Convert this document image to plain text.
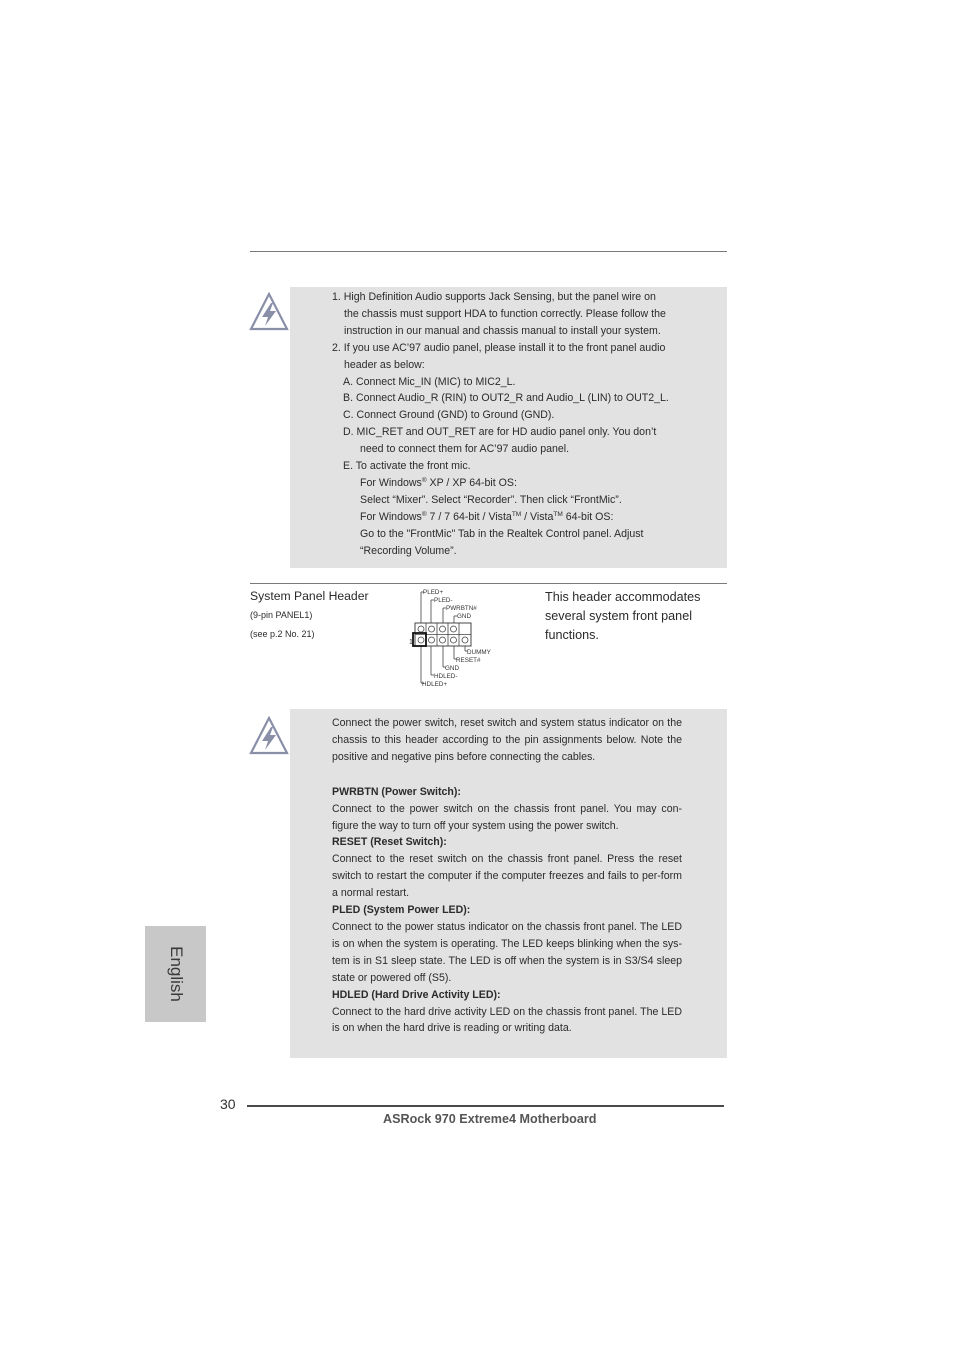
1. High Definition Audio supports Jack Sensing, but the panel wire on
the chassis must support HDA to function correctly. Please follow the
instruction in our manual and chassis manual to install your system.
2. If you use AC’97 audio panel, please install it to the front panel audio
header as below:
A. Connect Mic_IN (MIC) to MIC2_L.
B. Connect Audio_R (RIN) to OUT2_R and Audio_L (LIN) to OUT2_L.
C. Connect Ground (GND) to Ground (GND).
D. MIC_RET and OUT_RET are for HD audio panel only. You don’t
need to connect them for AC’97 audio panel.
E. To activate the front mic.
For Windows® XP / XP 64-bit OS:
Select “Mixer”. Select “Recorder”. Then click “FrontMic”.
For Windows® 7 / 7 64-bit / Vista™ / Vista™ 64-bit OS:
Go to the "FrontMic" Tab in the Realtek Control panel. Adjust
“Recording Volume”.
System Panel Header
(9-pin PANEL1)
(see p.2 No. 21)
PLED+
PLED-
PWRBTN#
GND
DUMMY
RESET#
GND
HDLED-
HDLED+
1
This header accommodates
several system front panel
functions.
Connect the power switch, reset switch and system status indicator on the chassis to this header according to the pin assignments below. Note the positive and negative pins before connecting the cables.
PWRBTN (Power Switch):
Connect to the power switch on the chassis front panel. You may con-figure the way to turn off your system using the power switch.
RESET (Reset Switch):
Connect to the reset switch on the chassis front panel. Press the reset switch to restart the computer if the computer freezes and fails to per-form a normal restart.
PLED (System Power LED):
Connect to the power status indicator on the chassis front panel. The LED is on when the system is operating. The LED keeps blinking when the sys-tem is in S1 sleep state. The LED is off when the system is in S3/S4 sleep state or powered off (S5).
HDLED (Hard Drive Activity LED):
Connect to the hard drive activity LED on the chassis front panel. The LED is on when the hard drive is reading or writing data.
English
30
ASRock 970 Extreme4 Motherboard
